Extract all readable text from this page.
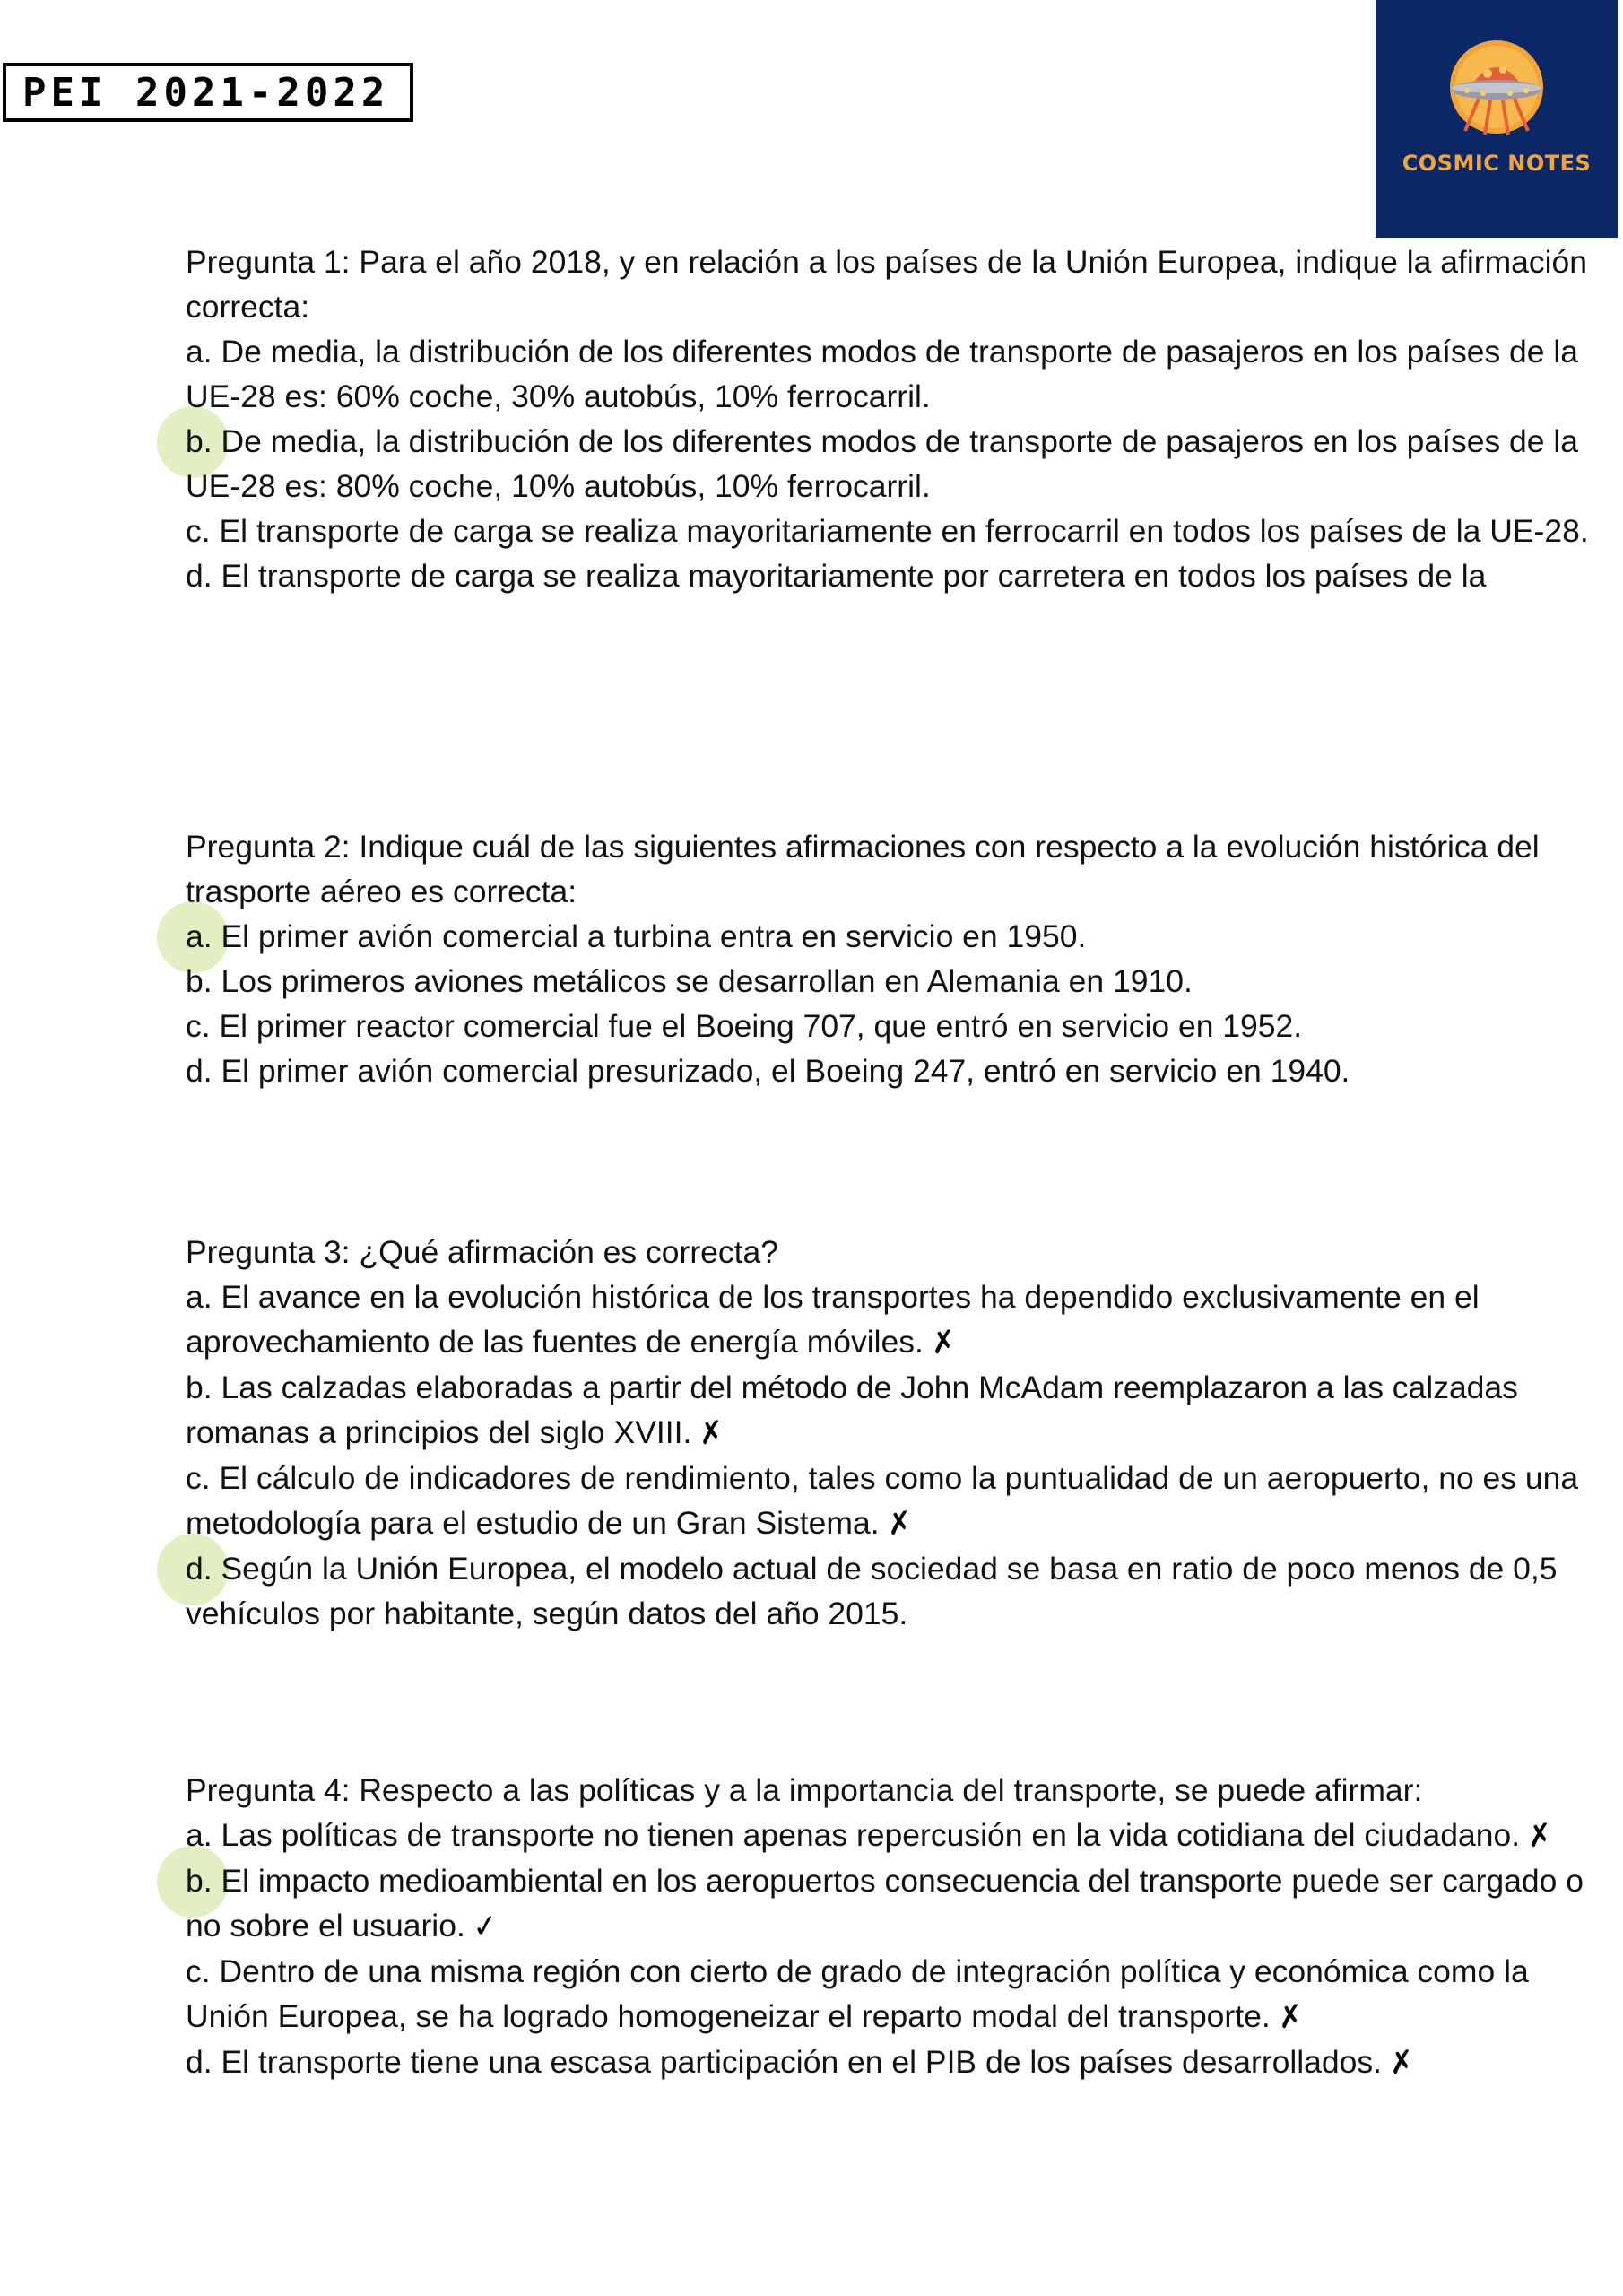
PEI 2021-2022
COSMIC NOTES

Pregunta 1: Para el año 2018, y en relación a los países de la Unión Europea, indique la afirmación correcta:

a. De media, la distribución de los diferentes modos de transporte de pasajeros en los países de la UE-28 es: 60% coche, 30% autobús, 10% ferrocarril.

b. De media, la distribución de los diferentes modos de transporte de pasajeros en los países de la UE-28 es: 80% coche, 10% autobús, 10% ferrocarril.

c. El transporte de carga se realiza mayoritariamente en ferrocarril en todos los países de la UE-28.

d. El transporte de carga se realiza mayoritariamente por carretera en todos los países de la

Pregunta 2: Indique cuál de las siguientes afirmaciones con respecto a la evolución histórica del trasporte aéreo es correcta:

a. El primer avión comercial a turbina entra en servicio en 1950.

b. Los primeros aviones metálicos se desarrollan en Alemania en 1910.

c. El primer reactor comercial fue el Boeing 707, que entró en servicio en 1952.

d. El primer avión comercial presurizado, el Boeing 247, entró en servicio en 1940.

Pregunta 3: ¿Qué afirmación es correcta?

a. El avance en la evolución histórica de los transportes ha dependido exclusivamente en el aprovechamiento de las fuentes de energía móviles. ✗

b. Las calzadas elaboradas a partir del método de John McAdam reemplazaron a las calzadas romanas a principios del siglo XVIII. ✗

c. El cálculo de indicadores de rendimiento, tales como la puntualidad de un aeropuerto, no es una metodología para el estudio de un Gran Sistema. ✗

d. Según la Unión Europea, el modelo actual de sociedad se basa en ratio de poco menos de 0,5 vehículos por habitante, según datos del año 2015.

Pregunta 4: Respecto a las políticas y a la importancia del transporte, se puede afirmar:

a. Las políticas de transporte no tienen apenas repercusión en la vida cotidiana del ciudadano. ✗

b. El impacto medioambiental en los aeropuertos consecuencia del transporte puede ser cargado o no sobre el usuario. ✓

c. Dentro de una misma región con cierto de grado de integración política y económica como la Unión Europea, se ha logrado homogeneizar el reparto modal del transporte. ✗

d. El transporte tiene una escasa participación en el PIB de los países desarrollados. ✗
